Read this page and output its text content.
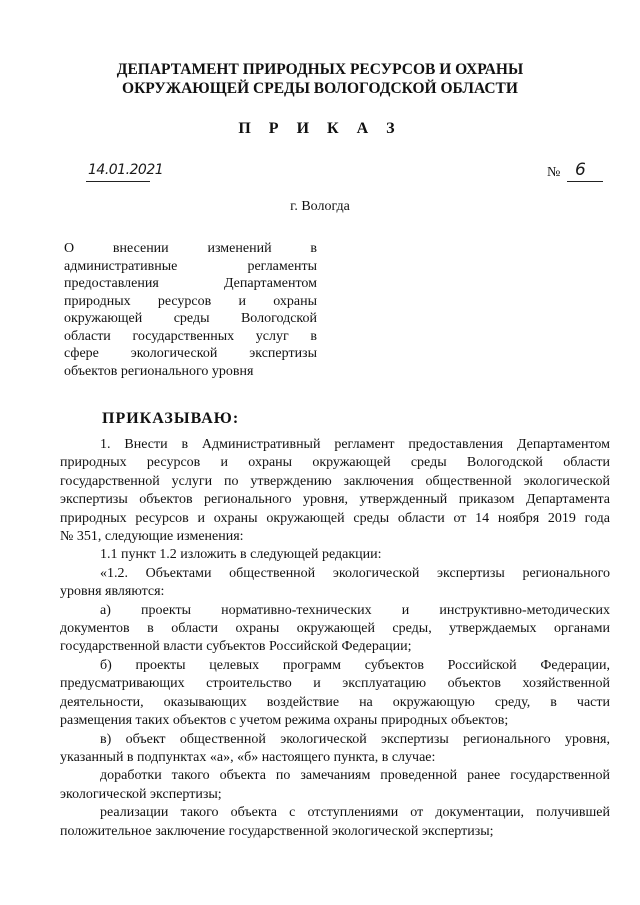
ДЕПАРТАМЕНТ ПРИРОДНЫХ РЕСУРСОВ И ОХРАНЫ
ОКРУЖАЮЩЕЙ СРЕДЫ ВОЛОГОДСКОЙ ОБЛАСТИ
П Р И К А З
14.01.2021	№ 6
г. Вологда
О внесении изменений в
административные регламенты
предоставления Департаментом
природных ресурсов и охраны
окружающей среды Вологодской
области государственных услуг в
сфере экологической экспертизы
объектов регионального уровня
ПРИКАЗЫВАЮ:
1. Внести в Административный регламент предоставления Департаментом
природных ресурсов и охраны окружающей среды Вологодской области
государственной услуги по утверждению заключения общественной экологической
экспертизы объектов регионального уровня, утвержденный приказом Департамента
природных ресурсов и охраны окружающей среды области от 14 ноября 2019 года
№ 351, следующие изменения:
1.1 пункт 1.2 изложить в следующей редакции:
«1.2. Объектами общественной экологической экспертизы регионального
уровня являются:
а) проекты нормативно-технических и инструктивно-методических
документов в области охраны окружающей среды, утверждаемых органами
государственной власти субъектов Российской Федерации;
б) проекты целевых программ субъектов Российской Федерации,
предусматривающих строительство и эксплуатацию объектов хозяйственной
деятельности, оказывающих воздействие на окружающую среду, в части
размещения таких объектов с учетом режима охраны природных объектов;
в) объект общественной экологической экспертизы регионального уровня,
указанный в подпунктах «а», «б» настоящего пункта, в случае:
доработки такого объекта по замечаниям проведенной ранее государственной
экологической экспертизы;
реализации такого объекта с отступлениями от документации, получившей
положительное заключение государственной экологической экспертизы;
